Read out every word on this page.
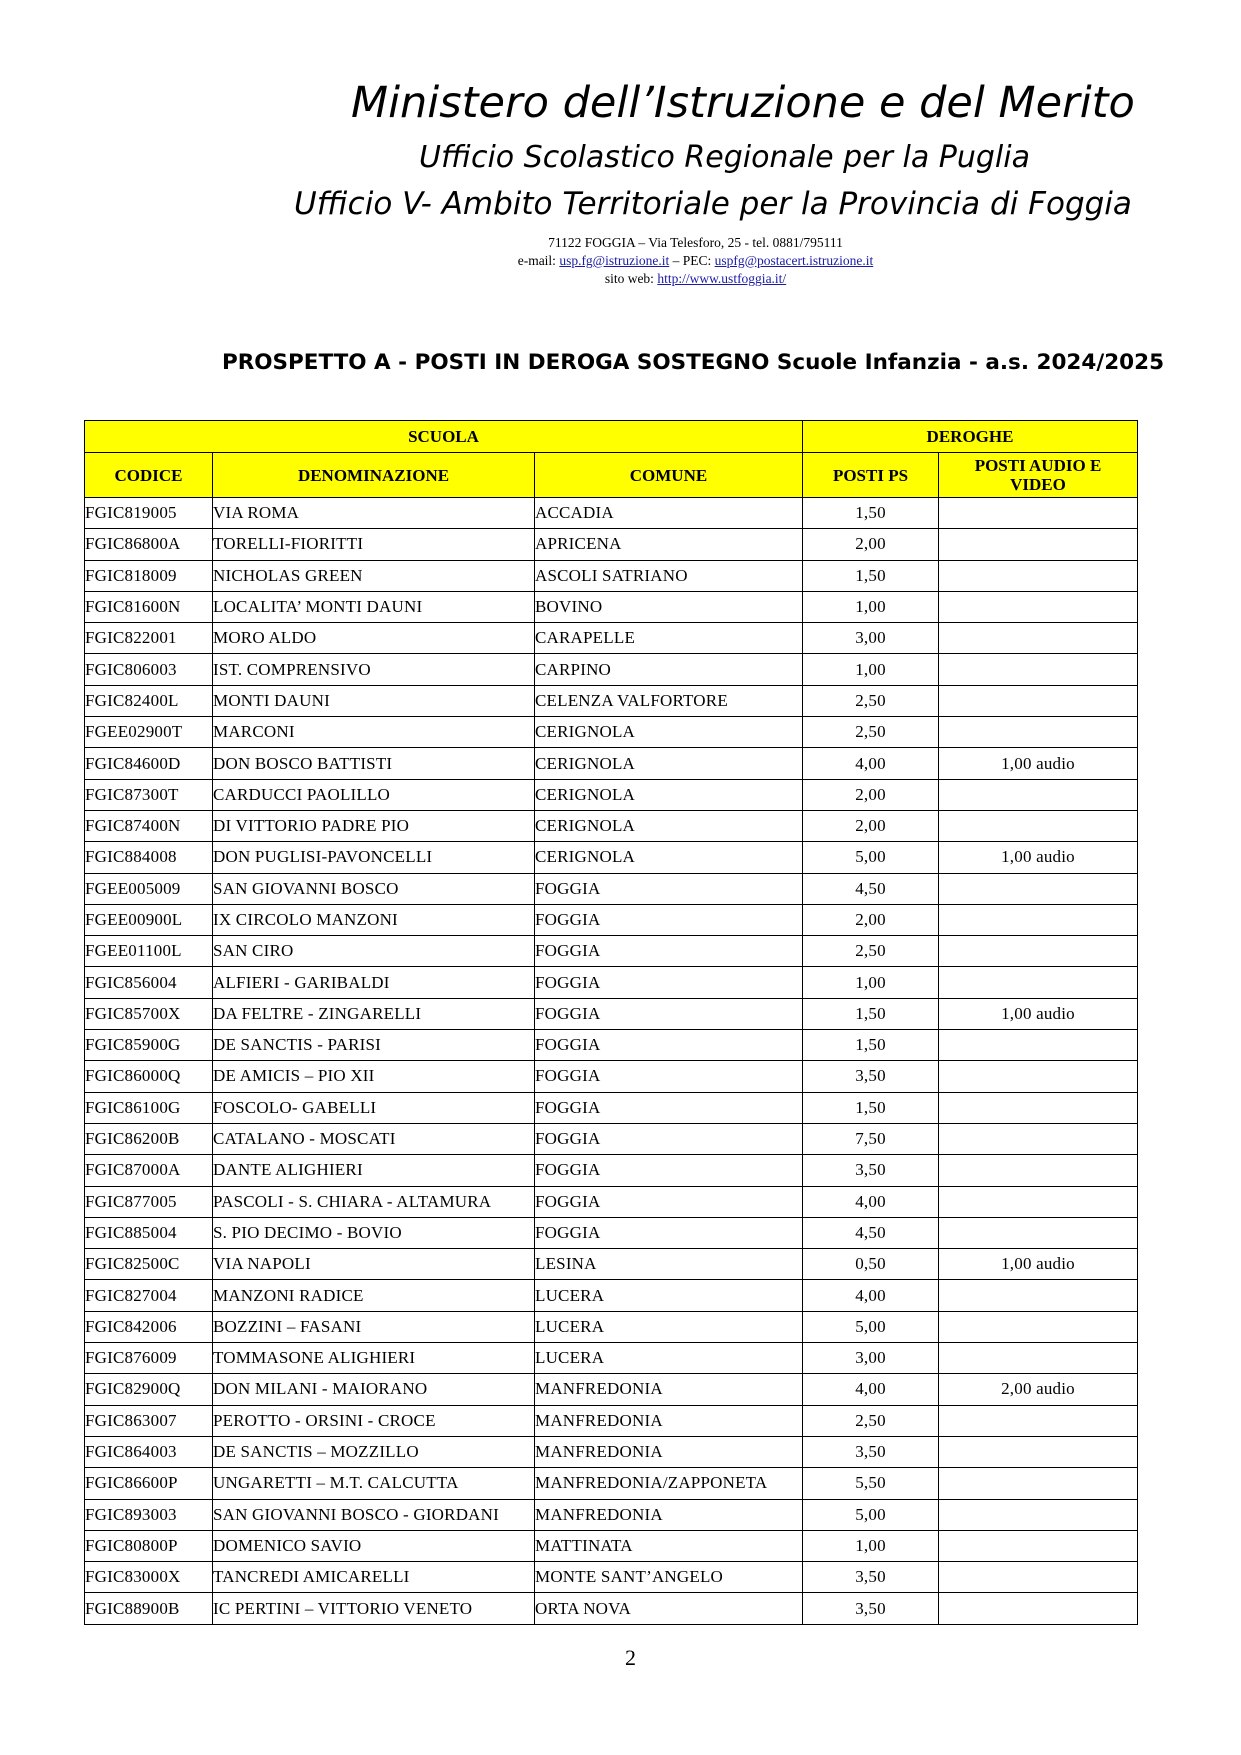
Ministero dell’Istruzione e del Merito
Ufficio Scolastico Regionale per la Puglia
Ufficio V- Ambito Territoriale per la Provincia di Foggia
71122 FOGGIA – Via Telesforo, 25 - tel. 0881/795111
e-mail: usp.fg@istruzione.it – PEC: uspfg@postacert.istruzione.it
sito web: http://www.ustfoggia.it/
PROSPETTO A - POSTI IN DEROGA SOSTEGNO Scuole Infanzia - a.s. 2024/2025
SCUOLA			DEROGHE	
CODICE	DENOMINAZIONE	COMUNE	POSTI PS	POSTI AUDIO E
VIDEO
FGIC819005	VIA ROMA	ACCADIA	1,50	
FGIC86800A	TORELLI-FIORITTI	APRICENA	2,00	
FGIC818009	NICHOLAS GREEN	ASCOLI SATRIANO	1,50	
FGIC81600N	LOCALITA’ MONTI DAUNI	BOVINO	1,00	
FGIC822001	MORO ALDO	CARAPELLE	3,00	
FGIC806003	IST. COMPRENSIVO	CARPINO	1,00	
FGIC82400L	MONTI DAUNI	CELENZA VALFORTORE	2,50	
FGEE02900T	MARCONI	CERIGNOLA	2,50	
FGIC84600D	DON BOSCO BATTISTI	CERIGNOLA	4,00	1,00 audio
FGIC87300T	CARDUCCI PAOLILLO	CERIGNOLA	2,00	
FGIC87400N	DI VITTORIO PADRE PIO	CERIGNOLA	2,00	
FGIC884008	DON PUGLISI-PAVONCELLI	CERIGNOLA	5,00	1,00 audio
FGEE005009	SAN GIOVANNI BOSCO	FOGGIA	4,50	
FGEE00900L	IX CIRCOLO MANZONI	FOGGIA	2,00	
FGEE01100L	SAN CIRO	FOGGIA	2,50	
FGIC856004	ALFIERI - GARIBALDI	FOGGIA	1,00	
FGIC85700X	DA FELTRE - ZINGARELLI	FOGGIA	1,50	1,00 audio
FGIC85900G	DE SANCTIS - PARISI	FOGGIA	1,50	
FGIC86000Q	DE AMICIS – PIO XII	FOGGIA	3,50	
FGIC86100G	FOSCOLO- GABELLI	FOGGIA	1,50	
FGIC86200B	CATALANO - MOSCATI	FOGGIA	7,50	
FGIC87000A	DANTE ALIGHIERI	FOGGIA	3,50	
FGIC877005	PASCOLI - S. CHIARA - ALTAMURA	FOGGIA	4,00	
FGIC885004	S. PIO DECIMO - BOVIO	FOGGIA	4,50	
FGIC82500C	VIA NAPOLI	LESINA	0,50	1,00 audio
FGIC827004	MANZONI RADICE	LUCERA	4,00	
FGIC842006	BOZZINI – FASANI	LUCERA	5,00	
FGIC876009	TOMMASONE ALIGHIERI	LUCERA	3,00	
FGIC82900Q	DON MILANI - MAIORANO	MANFREDONIA	4,00	2,00 audio
FGIC863007	PEROTTO - ORSINI - CROCE	MANFREDONIA	2,50	
FGIC864003	DE SANCTIS – MOZZILLO	MANFREDONIA	3,50	
FGIC86600P	UNGARETTI – M.T. CALCUTTA	MANFREDONIA/ZAPPONETA	5,50	
FGIC893003	SAN GIOVANNI BOSCO - GIORDANI	MANFREDONIA	5,00	
FGIC80800P	DOMENICO SAVIO	MATTINATA	1,00	
FGIC83000X	TANCREDI AMICARELLI	MONTE SANT’ANGELO	3,50	
FGIC88900B	IC PERTINI – VITTORIO VENETO	ORTA NOVA	3,50	
2
